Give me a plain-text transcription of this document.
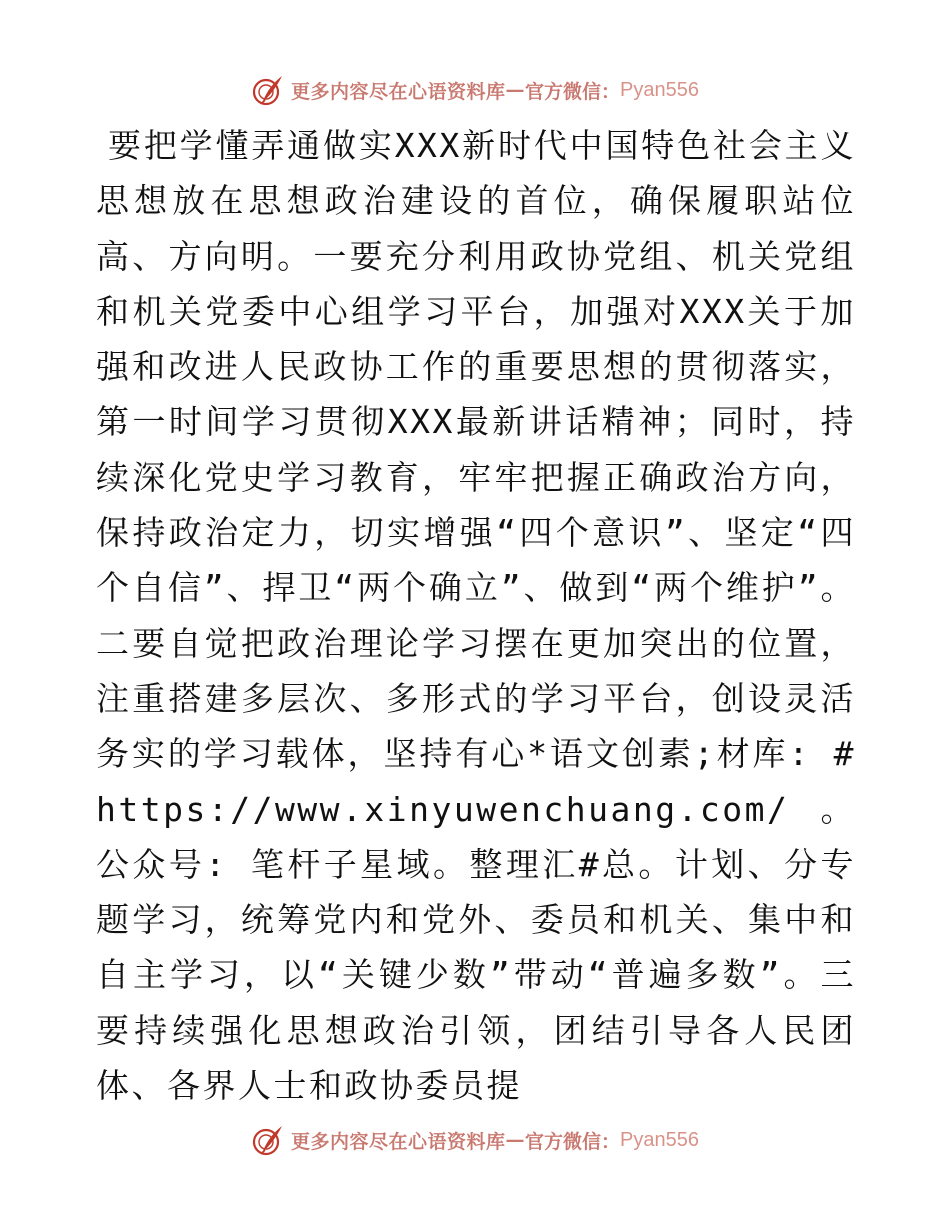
更多内容尽在心语资料库 — 官方微信： Pyan556

要把学懂弄通做实XXX新时代中国特色社会主义思想放在思想政治建设的首位，确保履职站位高、方向明。一要充分利用政协党组、机关党组和机关党委中心组学习平台，加强对XXX关于加强和改进人民政协工作的重要思想的贯彻落实，第一时间学习贯彻XXX最新讲话精神；同时，持续深化党史学习教育，牢牢把握正确政治方向，保持政治定力，切实增强“四个意识”、坚定“四个自信”、捍卫“两个确立”、做到“两个维护”。二要自觉把政治理论学习摆在更加突出的位置，注重搭建多层次、多形式的学习平台，创设灵活务实的学习载体，坚持有心*语文创素;材库: #https://www.xinyuwenchuang.com/。公众号: 笔杆子星域。整理汇#总。计划、分专题学习，统筹党内和党外、委员和机关、集中和自主学习，以“关键少数”带动“普遍多数”。三要持续强化思想政治引领，团结引导各人民团体、各界人士和政协委员提

更多内容尽在心语资料库 — 官方微信： Pyan556
